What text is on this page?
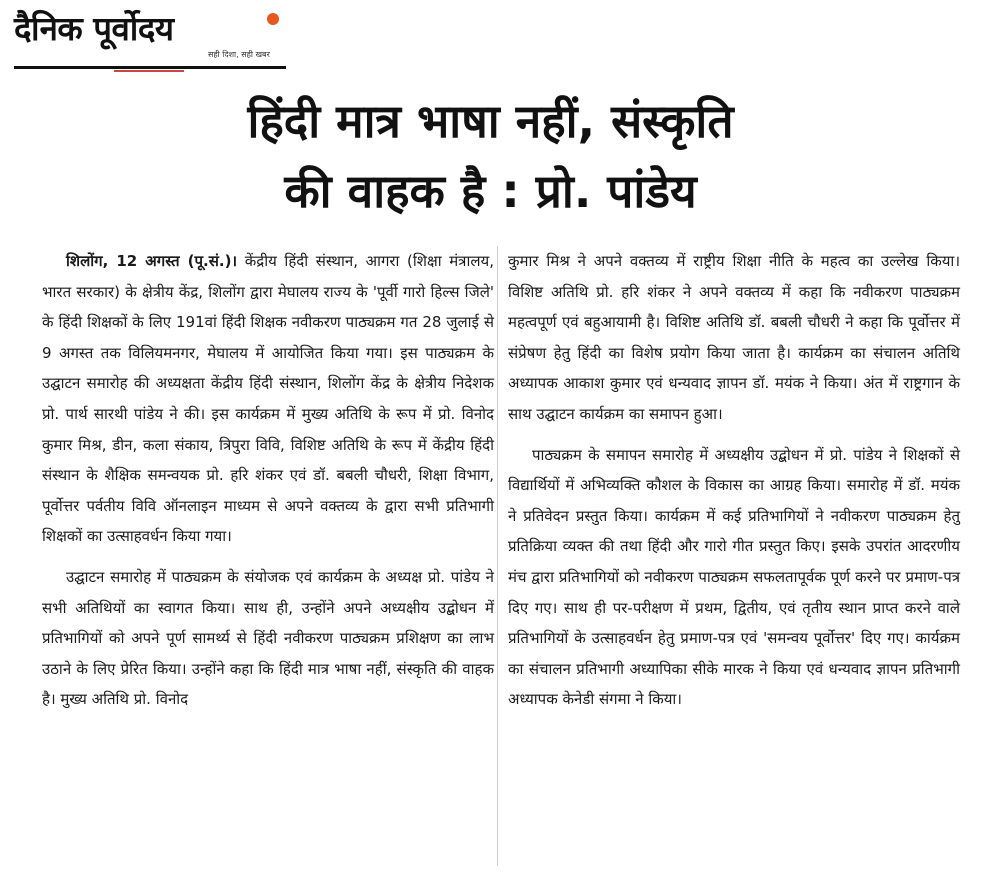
दैनिक पूर्वोदय
सही दिशा, सही खबर
हिंदी मात्र भाषा नहीं, संस्कृति
की वाहक है : प्रो. पांडेय

शिलोंग, 12 अगस्त (पू.सं.)। केंद्रीय हिंदी संस्थान, आगरा (शिक्षा मंत्रालय, भारत सरकार) के क्षेत्रीय केंद्र, शिलोंग द्वारा मेघालय राज्य के 'पूर्वी गारो हिल्स जिले' के हिंदी शिक्षकों के लिए 191वां हिंदी शिक्षक नवीकरण पाठ्यक्रम गत 28 जुलाई से 9 अगस्त तक विलियमनगर, मेघालय में आयोजित किया गया। इस पाठ्यक्रम के उद्घाटन समारोह की अध्यक्षता केंद्रीय हिंदी संस्थान, शिलोंग केंद्र के क्षेत्रीय निदेशक प्रो. पार्थ सारथी पांडेय ने की। इस कार्यक्रम में मुख्य अतिथि के रूप में प्रो. विनोद कुमार मिश्र, डीन, कला संकाय, त्रिपुरा विवि, विशिष्ट अतिथि के रूप में केंद्रीय हिंदी संस्थान के शैक्षिक समन्वयक प्रो. हरि शंकर एवं डॉ. बबली चौधरी, शिक्षा विभाग, पूर्वोत्तर पर्वतीय विवि ऑनलाइन माध्यम से अपने वक्तव्य के द्वारा सभी प्रतिभागी शिक्षकों का उत्साहवर्धन किया गया।

उद्घाटन समारोह में पाठ्यक्रम के संयोजक एवं कार्यक्रम के अध्यक्ष प्रो. पांडेय ने सभी अतिथियों का स्वागत किया। साथ ही, उन्होंने अपने अध्यक्षीय उद्बोधन में प्रतिभागियों को अपने पूर्ण सामर्थ्य से हिंदी नवीकरण पाठ्यक्रम प्रशिक्षण का लाभ उठाने के लिए प्रेरित किया। उन्होंने कहा कि हिंदी मात्र भाषा नहीं, संस्कृति की वाहक है। मुख्य अतिथि प्रो. विनोद

कुमार मिश्र ने अपने वक्तव्य में राष्ट्रीय शिक्षा नीति के महत्व का उल्लेख किया। विशिष्ट अतिथि प्रो. हरि शंकर ने अपने वक्तव्य में कहा कि नवीकरण पाठ्यक्रम महत्वपूर्ण एवं बहुआयामी है। विशिष्ट अतिथि डॉ. बबली चौधरी ने कहा कि पूर्वोत्तर में संप्रेषण हेतु हिंदी का विशेष प्रयोग किया जाता है। कार्यक्रम का संचालन अतिथि अध्यापक आकाश कुमार एवं धन्यवाद ज्ञापन डॉ. मयंक ने किया। अंत में राष्ट्रगान के साथ उद्घाटन कार्यक्रम का समापन हुआ।

पाठ्यक्रम के समापन समारोह में अध्यक्षीय उद्बोधन में प्रो. पांडेय ने शिक्षकों से विद्यार्थियों में अभिव्यक्ति कौशल के विकास का आग्रह किया। समारोह में डॉ. मयंक ने प्रतिवेदन प्रस्तुत किया। कार्यक्रम में कई प्रतिभागियों ने नवीकरण पाठ्यक्रम हेतु प्रतिक्रिया व्यक्त की तथा हिंदी और गारो गीत प्रस्तुत किए। इसके उपरांत आदरणीय मंच द्वारा प्रतिभागियों को नवीकरण पाठ्यक्रम सफलतापूर्वक पूर्ण करने पर प्रमाण-पत्र दिए गए। साथ ही पर-परीक्षण में प्रथम, द्वितीय, एवं तृतीय स्थान प्राप्त करने वाले प्रतिभागियों के उत्साहवर्धन हेतु प्रमाण-पत्र एवं 'समन्वय पूर्वोत्तर' दिए गए। कार्यक्रम का संचालन प्रतिभागी अध्यापिका सीके मारक ने किया एवं धन्यवाद ज्ञापन प्रतिभागी अध्यापक केनेडी संगमा ने किया।
